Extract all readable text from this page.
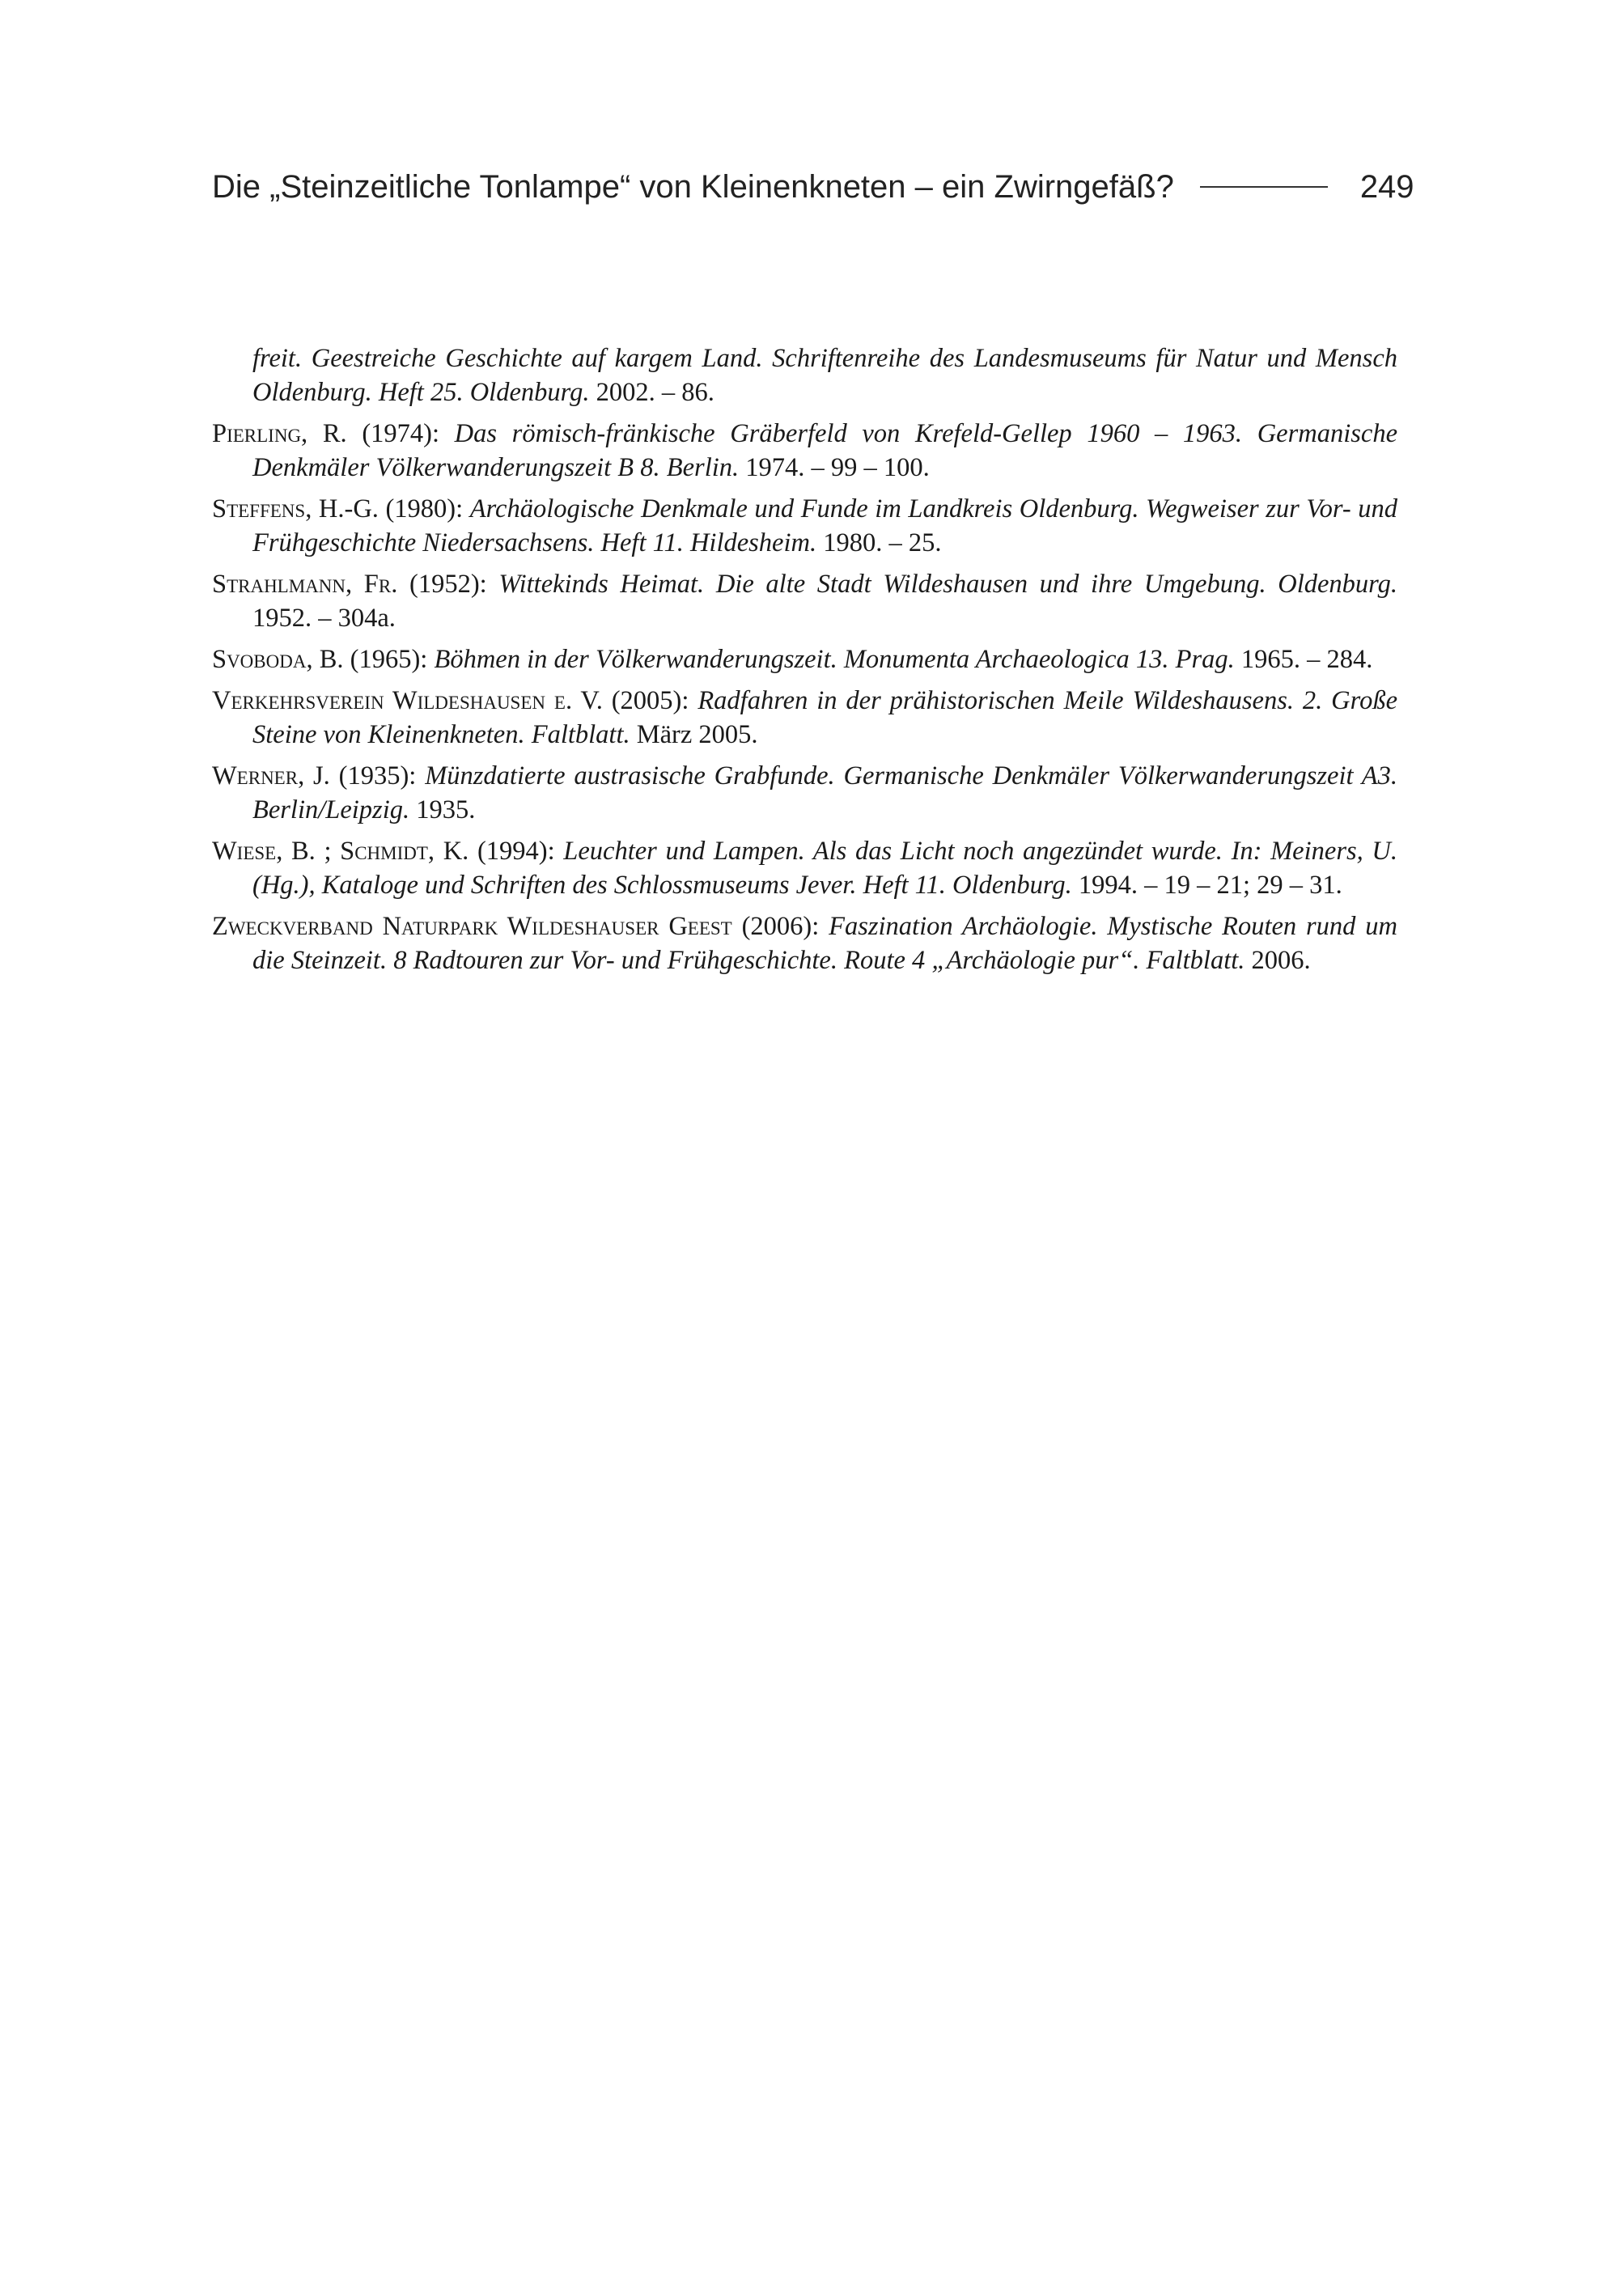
Die „Steinzeitliche Tonlampe“ von Kleinenkneten – ein Zwirngefäß?	249
freit. Geestreiche Geschichte auf kargem Land. Schriftenreihe des Landesmuseums für Natur und Mensch Oldenburg. Heft 25. Oldenburg. 2002. – 86.
Pierling, R. (1974): Das römisch-fränkische Gräberfeld von Krefeld-Gellep 1960 – 1963. Germanische Denkmäler Völkerwanderungszeit B 8. Berlin. 1974. – 99 – 100.
Steffens, H.-G. (1980): Archäologische Denkmale und Funde im Landkreis Oldenburg. Wegweiser zur Vor- und Frühgeschichte Niedersachsens. Heft 11. Hildesheim. 1980. – 25.
Strahlmann, Fr. (1952): Wittekinds Heimat. Die alte Stadt Wildeshausen und ihre Umgebung. Oldenburg. 1952. – 304a.
Svoboda, B. (1965): Böhmen in der Völkerwanderungszeit. Monumenta Archaeologica 13. Prag. 1965. – 284.
Verkehrsverein Wildeshausen e. V. (2005): Radfahren in der prähistorischen Meile Wildeshausens. 2. Große Steine von Kleinenkneten. Faltblatt. März 2005.
Werner, J. (1935): Münzdatierte austrasische Grabfunde. Germanische Denkmäler Völkerwanderungszeit A3. Berlin/Leipzig. 1935.
Wiese, B. ; Schmidt, K. (1994): Leuchter und Lampen. Als das Licht noch angezündet wurde. In: Meiners, U. (Hg.), Kataloge und Schriften des Schlossmuseums Jever. Heft 11. Oldenburg. 1994. – 19 – 21; 29 – 31.
Zweckverband Naturpark Wildeshauser Geest (2006): Faszination Archäologie. Mystische Routen rund um die Steinzeit. 8 Radtouren zur Vor- und Frühgeschichte. Route 4 „Archäologie pur“. Faltblatt. 2006.
